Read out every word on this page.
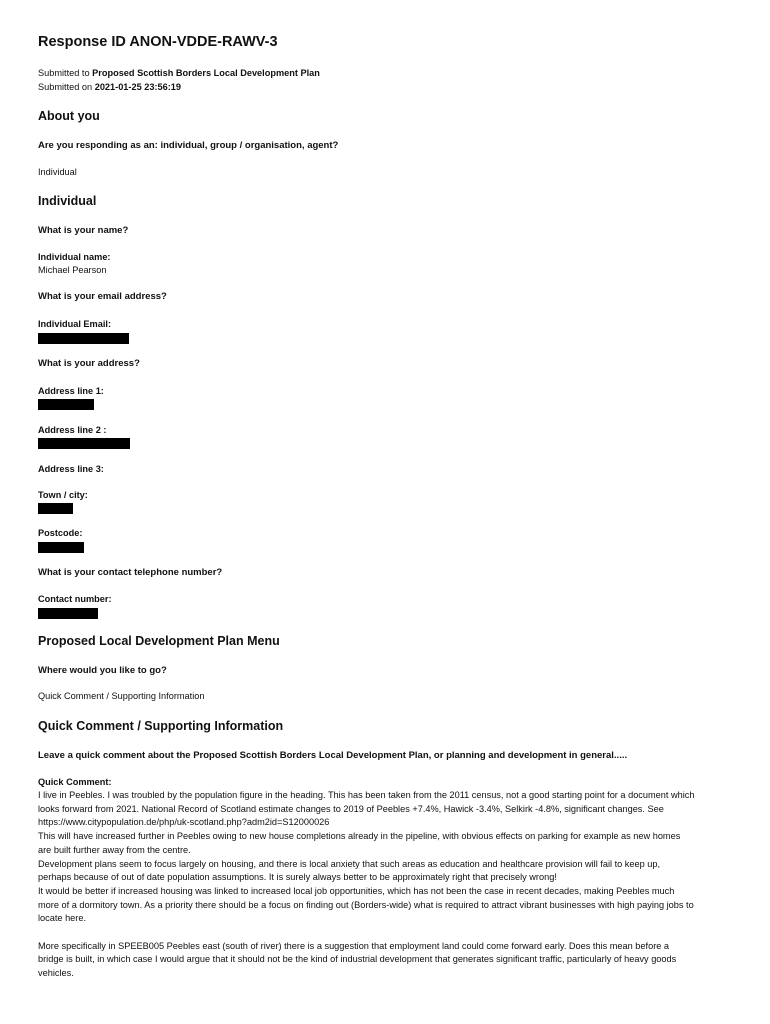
Response ID ANON-VDDE-RAWV-3
Submitted to Proposed Scottish Borders Local Development Plan
Submitted on 2021-01-25 23:56:19
About you

Are you responding as an: individual, group / organisation, agent?

Individual

Individual

What is your name?

Individual name:

Michael Pearson

What is your email address?

Individual Email:

What is your address?

Address line 1:

Address line 2 :

Address line 3:

Town / city:

Postcode:

What is your contact telephone number?

Contact number:

Proposed Local Development Plan Menu

Where would you like to go?

Quick Comment / Supporting Information

Quick Comment / Supporting Information

Leave a quick comment about the Proposed Scottish Borders Local Development Plan, or planning and development in general.....

Quick Comment:

I live in Peebles. I was troubled by the population figure in the heading. This has been taken from the 2011 census, not a good starting point for a document which

looks forward from 2021. National Record of Scotland estimate changes to 2019 of Peebles +7.4%, Hawick -3.4%, Selkirk -4.8%, significant changes. See

https://www.citypopulation.de/php/uk-scotland.php?adm2id=S12000026

This will have increased further in Peebles owing to new house completions already in the pipeline, with obvious effects on parking for example as new homes

are built further away from the centre.

Development plans seem to focus largely on housing, and there is local anxiety that such areas as education and healthcare provision will fail to keep up,

perhaps because of out of date population assumptions. It is surely always better to be approximately right that precisely wrong!

It would be better if increased housing was linked to increased local job opportunities, which has not been the case in recent decades, making Peebles much

more of a dormitory town. As a priority there should be a focus on finding out (Borders-wide) what is required to attract vibrant businesses with high paying jobs to

locate here.

More specifically in SPEEB005 Peebles east (south of river) there is a suggestion that employment land could come forward early. Does this mean before a

bridge is built, in which case I would argue that it should not be the kind of industrial development that generates significant traffic, particularly of heavy goods

vehicles.
